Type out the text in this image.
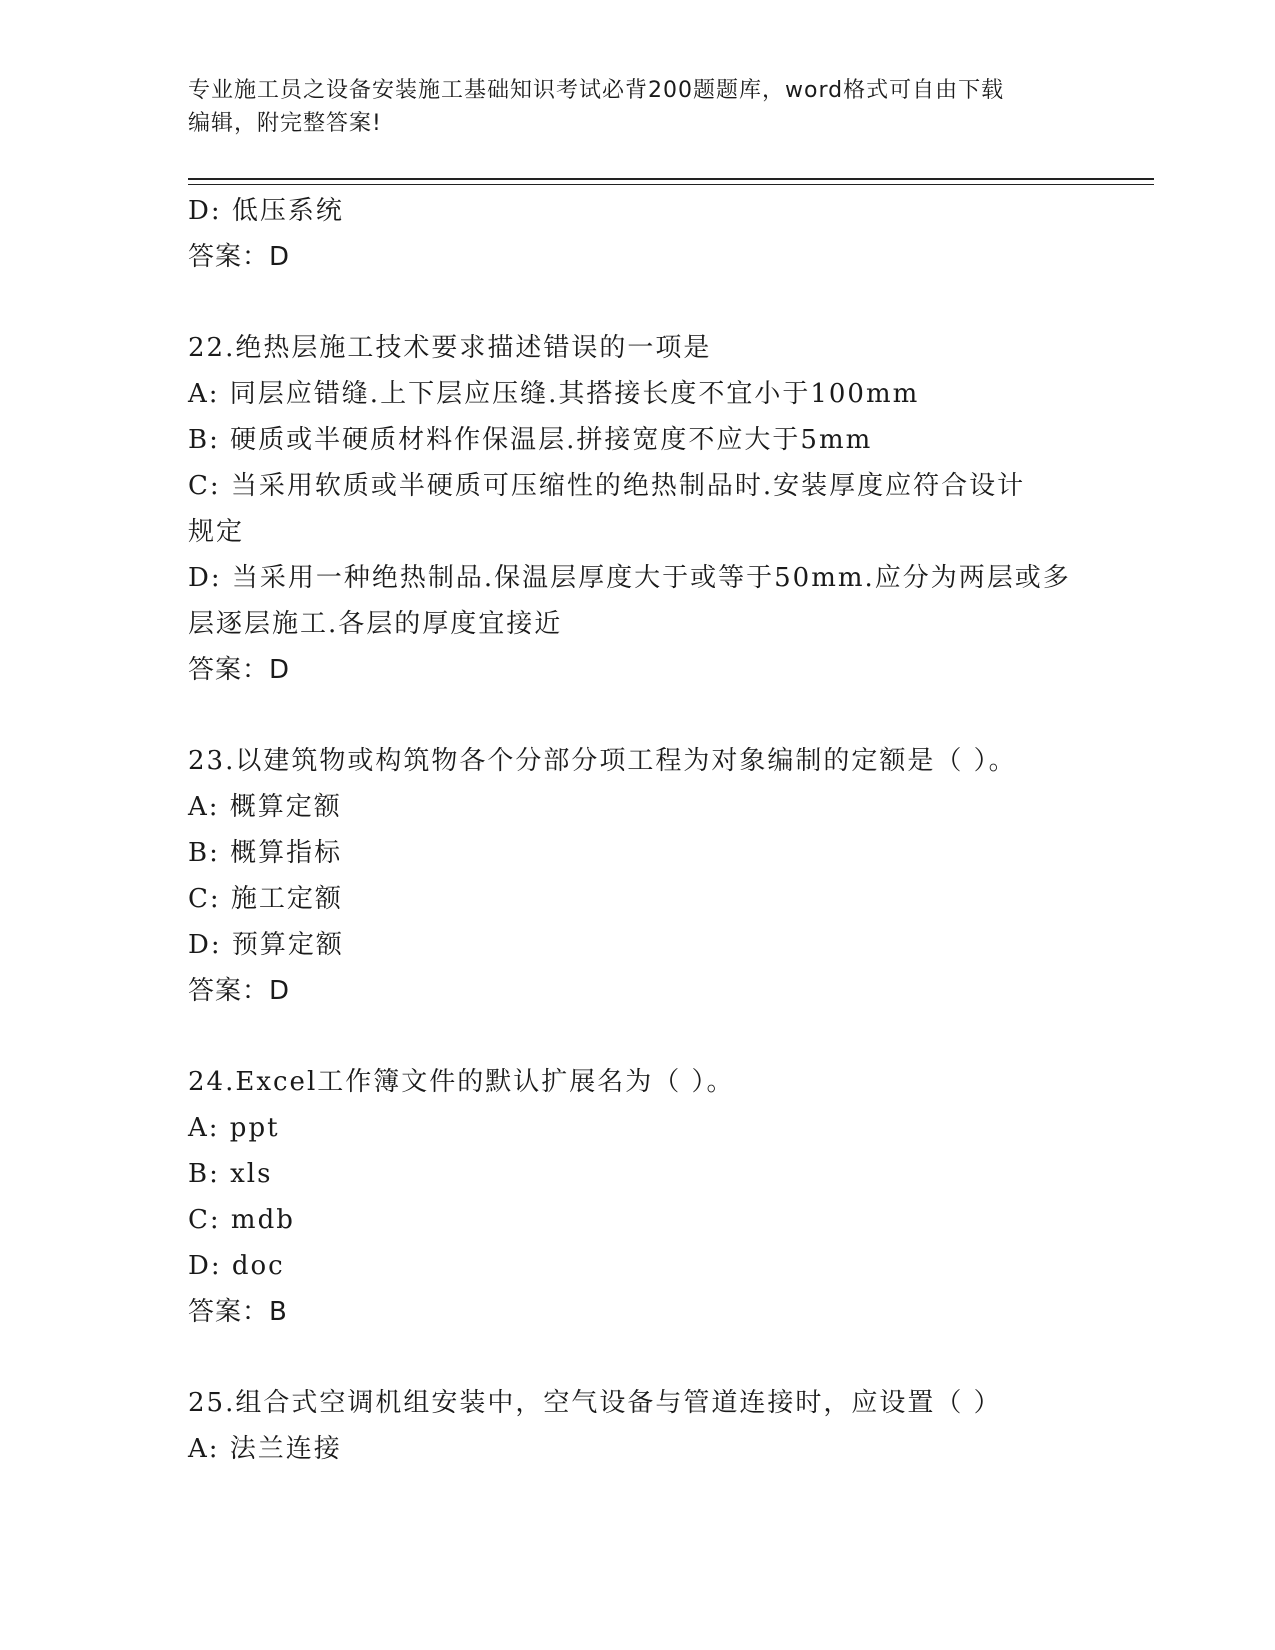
专业施工员之设备安装施工基础知识考试必背200题题库，word格式可自由下载
编辑，附完整答案!

D: 低压系统

答案：D

22.绝热层施工技术要求描述错误的一项是

A: 同层应错缝.上下层应压缝.其搭接长度不宜小于100mm

B: 硬质或半硬质材料作保温层.拼接宽度不应大于5mm

C: 当采用软质或半硬质可压缩性的绝热制品时.安装厚度应符合设计

规定

D: 当采用一种绝热制品.保温层厚度大于或等于50mm.应分为两层或多

层逐层施工.各层的厚度宜接近

答案：D

23.以建筑物或构筑物各个分部分项工程为对象编制的定额是（ ）。

A: 概算定额

B: 概算指标

C: 施工定额

D: 预算定额

答案：D

24.Excel工作簿文件的默认扩展名为（ ）。

A: ppt

B: xls

C: mdb

D: doc

答案：B

25.组合式空调机组安装中，空气设备与管道连接时，应设置（ ）

A: 法兰连接
